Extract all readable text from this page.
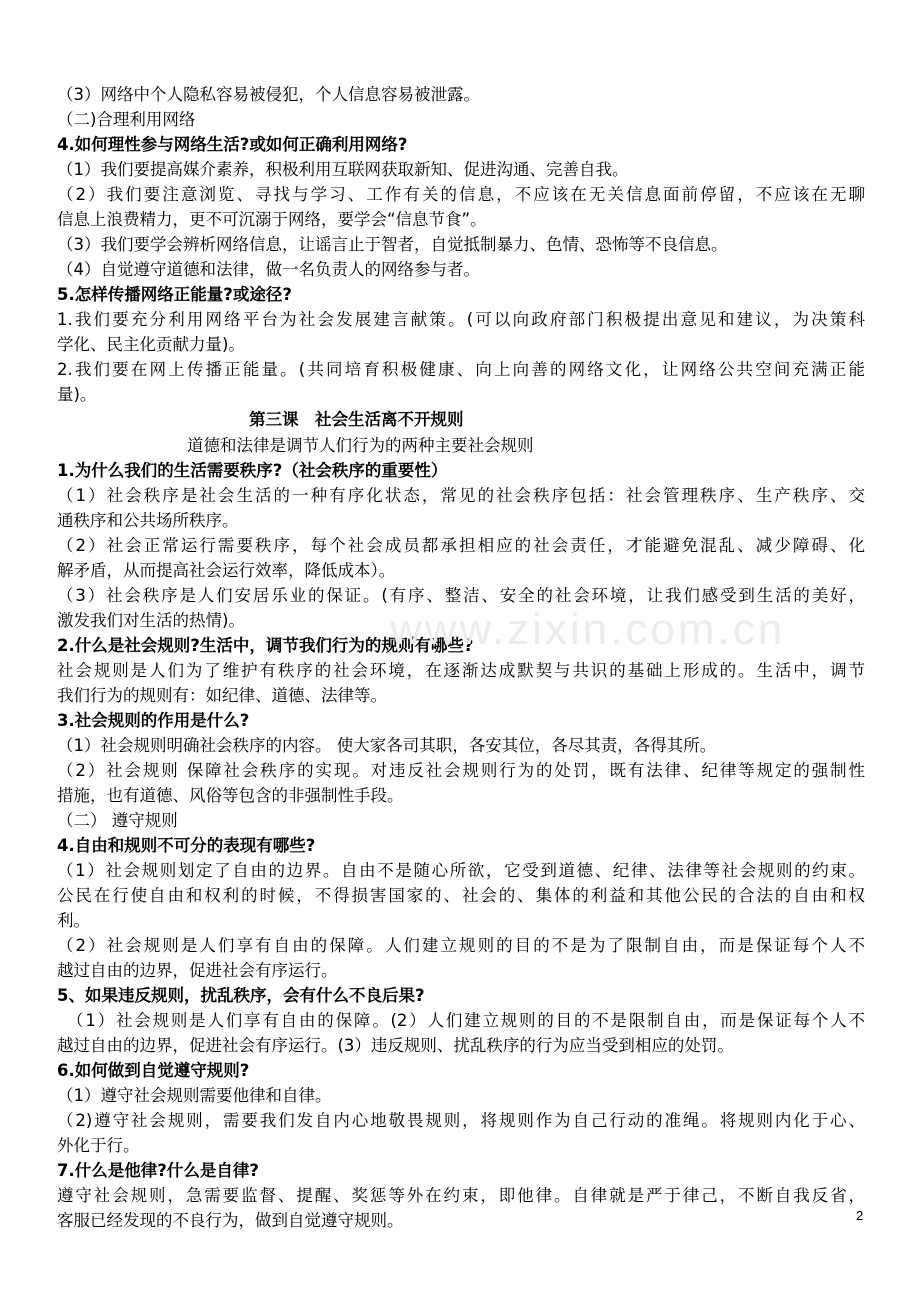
（3）网络中个人隐私容易被侵犯，个人信息容易被泄露。
（二)合理利用网络
4.如何理性参与网络生活?或如何正确利用网络?
（1）我们要提高媒介素养，积极利用互联网获取新知、促进沟通、完善自我。
（2）我们要注意浏览、寻找与学习、工作有关的信息，不应该在无关信息面前停留，不应该在无聊
信息上浪费精力，更不可沉溺于网络，要学会“信息节食”。
（3）我们要学会辨析网络信息，让谣言止于智者，自觉抵制暴力、色情、恐怖等不良信息。
（4）自觉遵守道德和法律，做一名负责人的网络参与者。
5.怎样传播网络正能量?或途径?
1.我们要充分利用网络平台为社会发展建言献策。(可以向政府部门积极提出意见和建议，为决策科
学化、民主化贡献力量)。
2.我们要在网上传播正能量。(共同培育积极健康、向上向善的网络文化，让网络公共空间充满正能
量)。
第三课　社会生活离不开规则
道德和法律是调节人们行为的两种主要社会规则
1.为什么我们的生活需要秩序?（社会秩序的重要性）
（1）社会秩序是社会生活的一种有序化状态，常见的社会秩序包括：社会管理秩序、生产秩序、交
通秩序和公共场所秩序。
（2）社会正常运行需要秩序，每个社会成员都承担相应的社会责任，才能避免混乱、减少障碍、化
解矛盾，从而提高社会运行效率，降低成本）。
（3）社会秩序是人们安居乐业的保证。(有序、整洁、安全的社会环境，让我们感受到生活的美好，
激发我们对生活的热情)。
2.什么是社会规则?生活中，调节我们行为的规则有哪些?
社会规则是人们为了维护有秩序的社会环境，在逐渐达成默契与共识的基础上形成的。生活中，调节
我们行为的规则有：如纪律、道德、法律等。
3.社会规则的作用是什么?
（1）社会规则明确社会秩序的内容。 使大家各司其职，各安其位，各尽其责，各得其所。
（2）社会规则 保障社会秩序的实现。对违反社会规则行为的处罚，既有法律、纪律等规定的强制性
措施，也有道德、风俗等包含的非强制性手段。
（二） 遵守规则
4.自由和规则不可分的表现有哪些?
（1）社会规则划定了自由的边界。自由不是随心所欲，它受到道德、纪律、法律等社会规则的约束。
公民在行使自由和权利的时候，不得损害国家的、社会的、集体的利益和其他公民的合法的自由和权
利。
（2）社会规则是人们享有自由的保障。人们建立规则的目的不是为了限制自由，而是保证每个人不
越过自由的边界，促进社会有序运行。
5、如果违反规则，扰乱秩序，会有什么不良后果?
　（1）社会规则是人们享有自由的保障。(2）人们建立规则的目的不是限制自由，而是保证每个人不
越过自由的边界，促进社会有序运行。(3）违反规则、扰乱秩序的行为应当受到相应的处罚。
6.如何做到自觉遵守规则?
（1）遵守社会规则需要他律和自律。
（2)遵守社会规则，需要我们发自内心地敬畏规则，将规则作为自己行动的准绳。将规则内化于心、
外化于行。
7.什么是他律?什么是自律?
遵守社会规则，急需要监督、提醒、奖惩等外在约束，即他律。自律就是严于律己，不断自我反省，
客服已经发现的不良行为，做到自觉遵守规则。
www.zixin.com.cn
2
